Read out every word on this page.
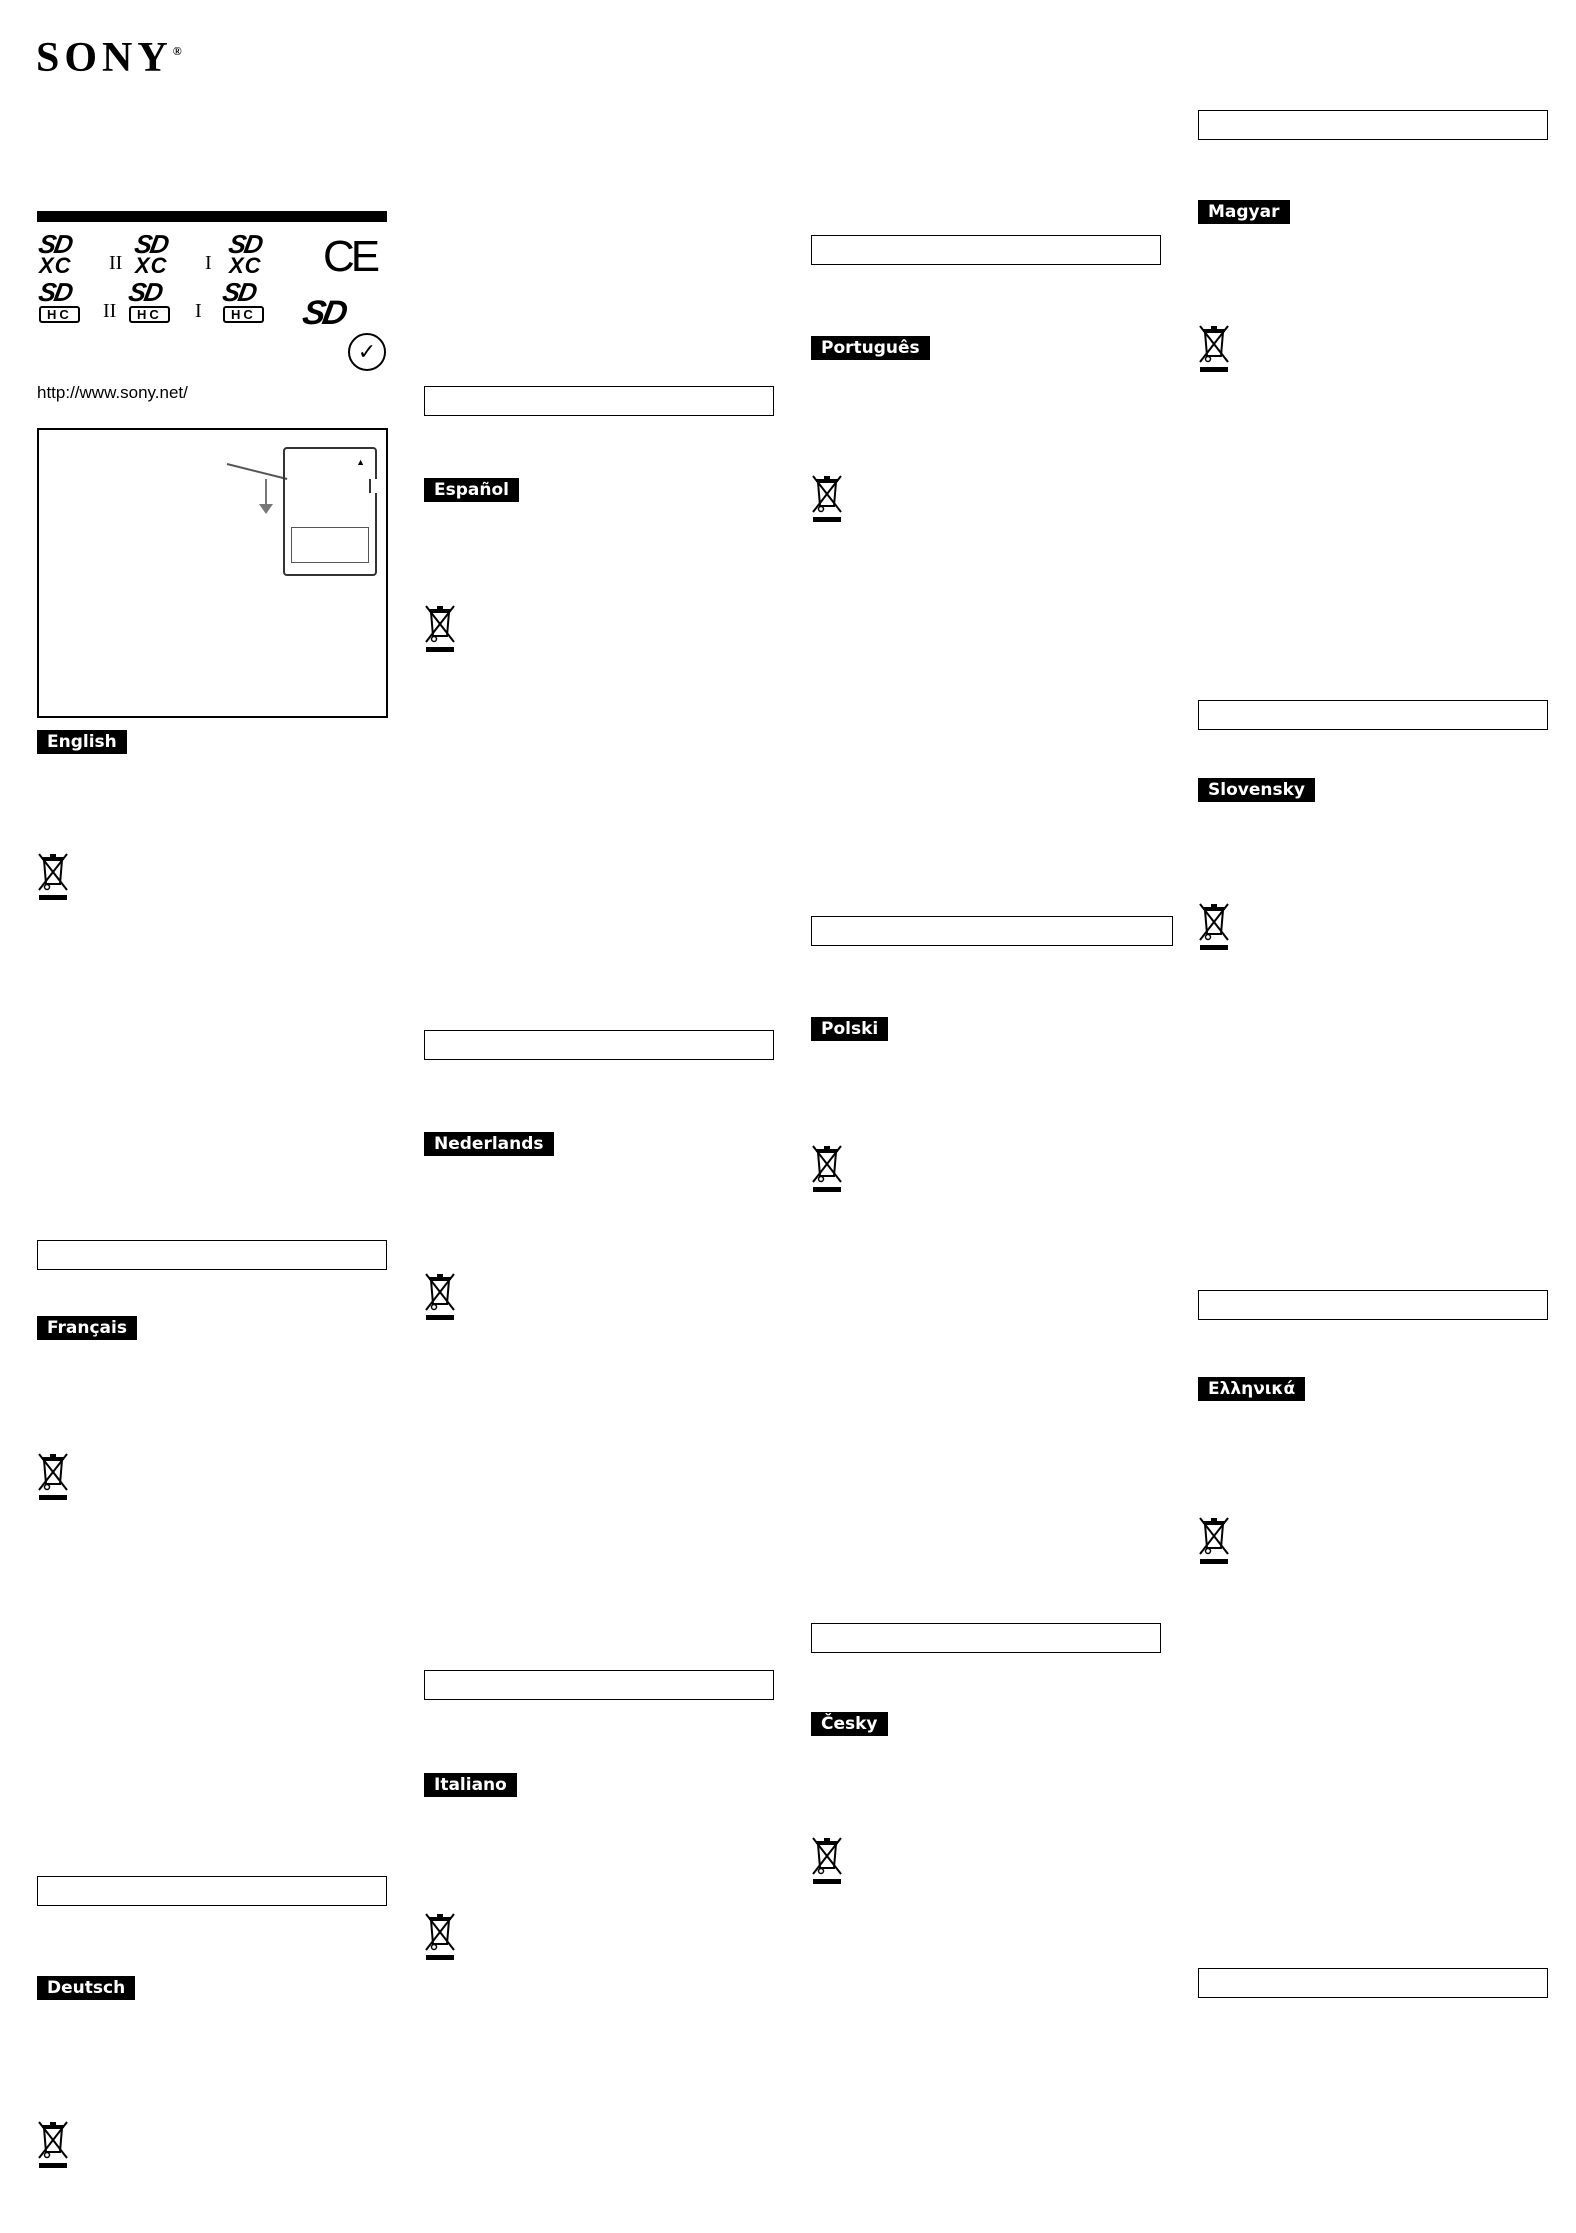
SONY®
SD
XC II
SD
XC I
SD
XC CE
SD
HC	II
SD
HC	I
SD
HC SD
✓
http://www.sony.net/
▲
English
Français
Deutsch
Español
Nederlands
Italiano
Português
Polski
Česky
Magyar
Slovensky
Ελληνικά
